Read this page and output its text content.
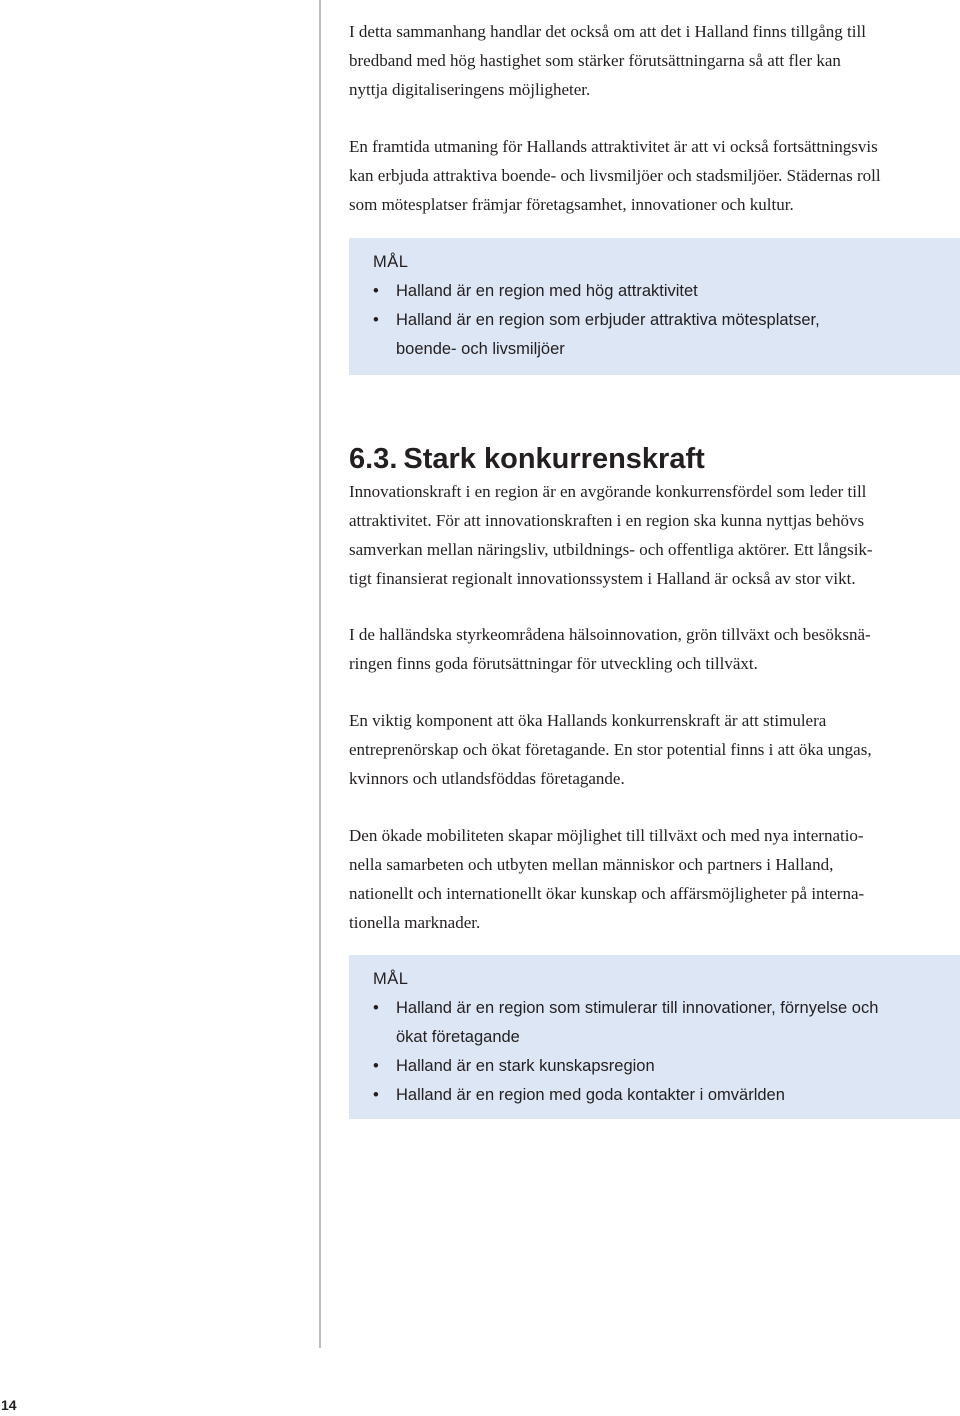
I detta sammanhang handlar det också om att det i Halland finns tillgång till
bredband med hög hastighet som stärker förutsättningarna så att fler kan
nyttja digitaliseringens möjligheter.

En framtida utmaning för Hallands attraktivitet är att vi också fortsättningsvis
kan erbjuda attraktiva boende- och livsmiljöer och stadsmiljöer. Städernas roll
som mötesplatser främjar företagsamhet, innovationer och kultur.

MÅL

•	Halland är en region med hög attraktivitet
•	Halland är en region som erbjuder attraktiva mötesplatser,
boende- och livsmiljöer
6.3. Stark konkurrenskraft

Innovationskraft i en region är en avgörande konkurrensfördel som leder till
attraktivitet. För att innovationskraften i en region ska kunna nyttjas behövs
samverkan mellan näringsliv, utbildnings- och offentliga aktörer. Ett långsik-
tigt finansierat regionalt innovationssystem i Halland är också av stor vikt.

I de halländska styrkeområdena hälsoinnovation, grön tillväxt och besöksnä-
ringen finns goda förutsättningar för utveckling och tillväxt.

En viktig komponent att öka Hallands konkurrenskraft är att stimulera
entreprenörskap och ökat företagande. En stor potential finns i att öka ungas,
kvinnors och utlandsföddas företagande.

Den ökade mobiliteten skapar möjlighet till tillväxt och med nya internatio-
nella samarbeten och utbyten mellan människor och partners i Halland,
nationellt och internationellt ökar kunskap och affärsmöjligheter på interna-
tionella marknader.

MÅL

•	Halland är en region som stimulerar till innovationer, förnyelse och
ökat företagande
•	Halland är en stark kunskapsregion
•	Halland är en region med goda kontakter i omvärlden

14
